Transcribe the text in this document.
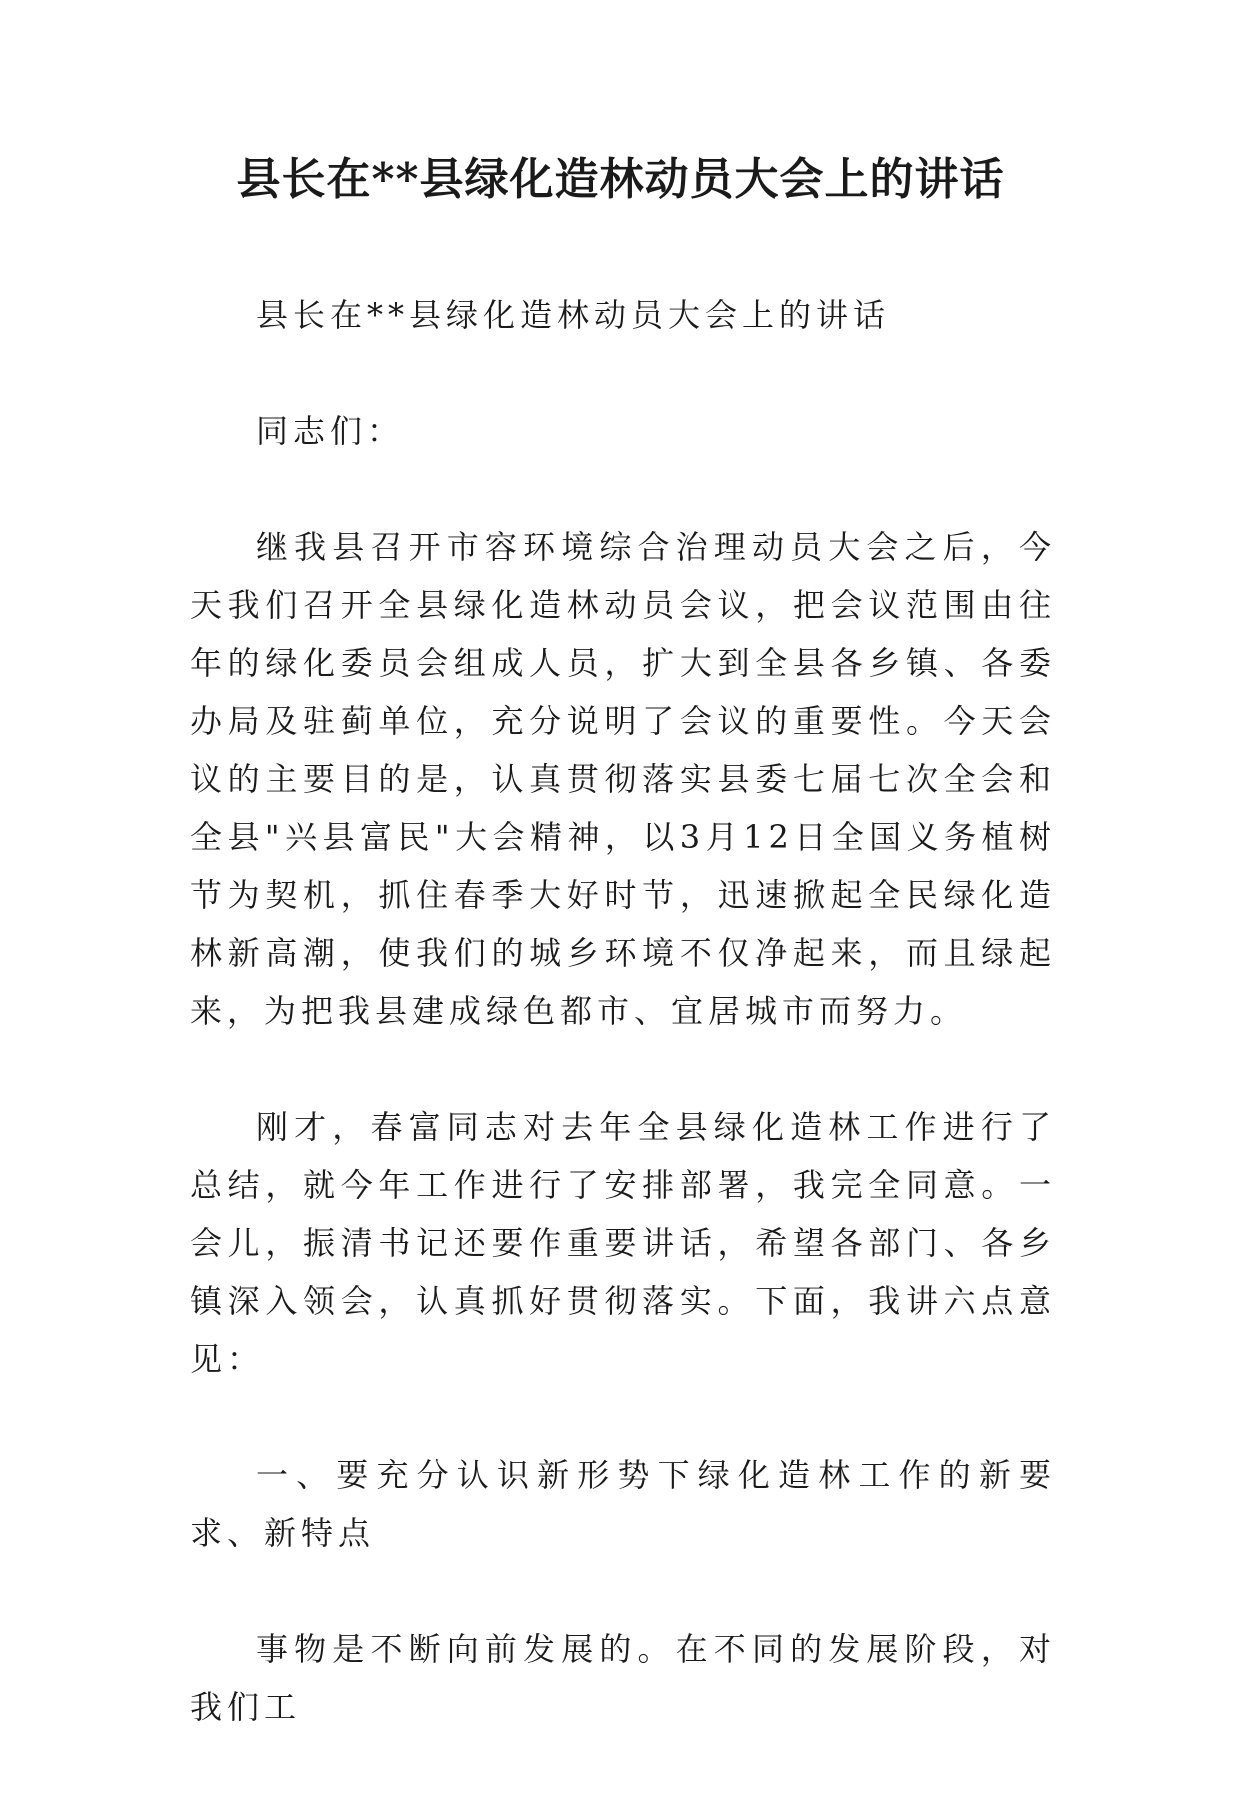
县长在**县绿化造林动员大会上的讲话

县长在**县绿化造林动员大会上的讲话

同志们：

继我县召开市容环境综合治理动员大会之后，今天我们召开全县绿化造林动员会议，把会议范围由往年的绿化委员会组成人员，扩大到全县各乡镇、各委办局及驻蓟单位，充分说明了会议的重要性。今天会议的主要目的是，认真贯彻落实县委七届七次全会和全县"兴县富民"大会精神，以3月12日全国义务植树节为契机，抓住春季大好时节，迅速掀起全民绿化造林新高潮，使我们的城乡环境不仅净起来，而且绿起来，为把我县建成绿色都市、宜居城市而努力。

刚才，春富同志对去年全县绿化造林工作进行了总结，就今年工作进行了安排部署，我完全同意。一会儿，振清书记还要作重要讲话，希望各部门、各乡镇深入领会，认真抓好贯彻落实。下面，我讲六点意见：

一、要充分认识新形势下绿化造林工作的新要求、新特点

事物是不断向前发展的。在不同的发展阶段，对我们工
